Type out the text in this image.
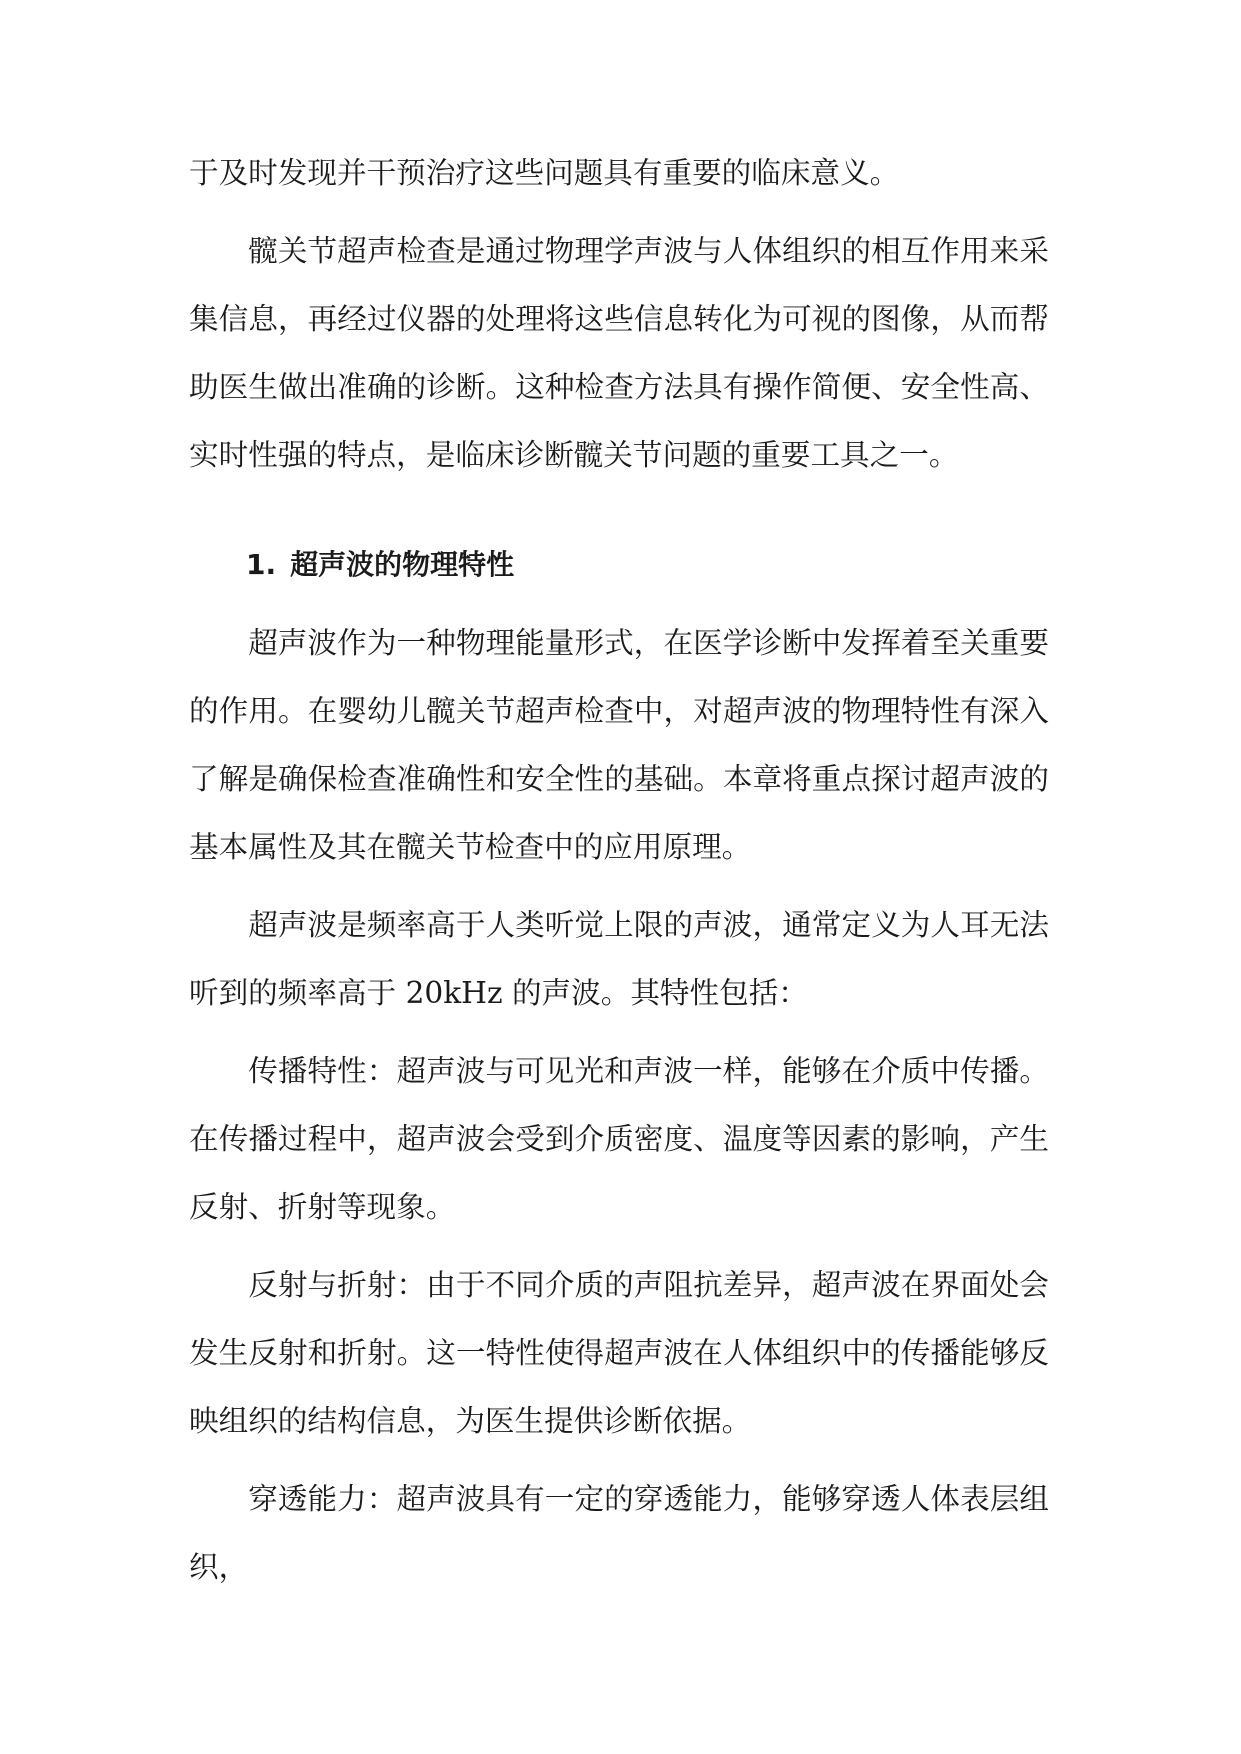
于及时发现并干预治疗这些问题具有重要的临床意义。

髋关节超声检查是通过物理学声波与人体组织的相互作用来采集信息，再经过仪器的处理将这些信息转化为可视的图像，从而帮助医生做出准确的诊断。这种检查方法具有操作简便、安全性高、实时性强的特点，是临床诊断髋关节问题的重要工具之一。

1. 超声波的物理特性

超声波作为一种物理能量形式，在医学诊断中发挥着至关重要的作用。在婴幼儿髋关节超声检查中，对超声波的物理特性有深入了解是确保检查准确性和安全性的基础。本章将重点探讨超声波的基本属性及其在髋关节检查中的应用原理。

超声波是频率高于人类听觉上限的声波，通常定义为人耳无法听到的频率高于 20kHz 的声波。其特性包括：

传播特性：超声波与可见光和声波一样，能够在介质中传播。在传播过程中，超声波会受到介质密度、温度等因素的影响，产生反射、折射等现象。

反射与折射：由于不同介质的声阻抗差异，超声波在界面处会发生反射和折射。这一特性使得超声波在人体组织中的传播能够反映组织的结构信息，为医生提供诊断依据。

穿透能力：超声波具有一定的穿透能力，能够穿透人体表层组织，
